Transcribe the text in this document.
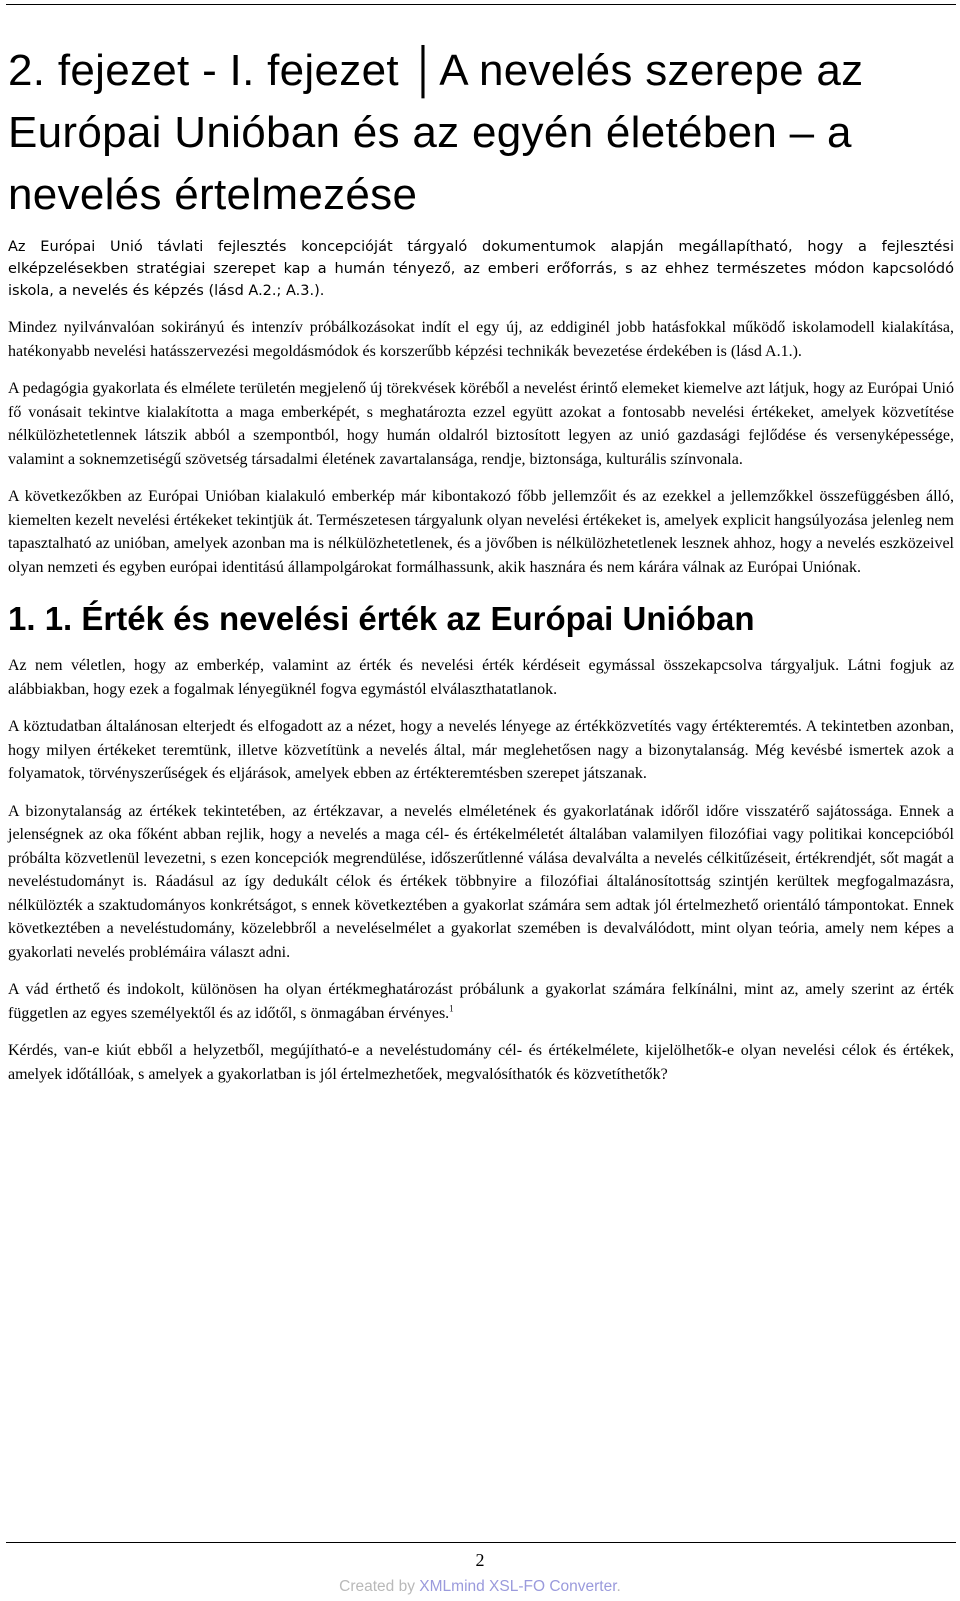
2. fejezet - I. fejezet │A nevelés szerepe az Európai Unióban és az egyén életében – a nevelés értelmezése

Az Európai Unió távlati fejlesztés koncepcióját tárgyaló dokumentumok alapján megállapítható, hogy a fejlesztési elképzelésekben stratégiai szerepet kap a humán tényező, az emberi erőforrás, s az ehhez természetes módon kapcsolódó iskola, a nevelés és képzés (lásd A.2.; A.3.).

Mindez nyilvánvalóan sokirányú és intenzív próbálkozásokat indít el egy új, az eddiginél jobb hatásfokkal működő iskolamodell kialakítása, hatékonyabb nevelési hatásszervezési megoldásmódok és korszerűbb képzési technikák bevezetése érdekében is (lásd A.1.).

A pedagógia gyakorlata és elmélete területén megjelenő új törekvések köréből a nevelést érintő elemeket kiemelve azt látjuk, hogy az Európai Unió fő vonásait tekintve kialakította a maga emberképét, s meghatározta ezzel együtt azokat a fontosabb nevelési értékeket, amelyek közvetítése nélkülözhetetlennek látszik abból a szempontból, hogy humán oldalról biztosított legyen az unió gazdasági fejlődése és versenyképessége, valamint a soknemzetiségű szövetség társadalmi életének zavartalansága, rendje, biztonsága, kulturális színvonala.

A következőkben az Európai Unióban kialakuló emberkép már kibontakozó főbb jellemzőit és az ezekkel a jellemzőkkel összefüggésben álló, kiemelten kezelt nevelési értékeket tekintjük át. Természetesen tárgyalunk olyan nevelési értékeket is, amelyek explicit hangsúlyozása jelenleg nem tapasztalható az unióban, amelyek azonban ma is nélkülözhetetlenek, és a jövőben is nélkülözhetetlenek lesznek ahhoz, hogy a nevelés eszközeivel olyan nemzeti és egyben európai identitású állampolgárokat formálhassunk, akik hasznára és nem kárára válnak az Európai Uniónak.

1. 1. Érték és nevelési érték az Európai Unióban

Az nem véletlen, hogy az emberkép, valamint az érték és nevelési érték kérdéseit egymással összekapcsolva tárgyaljuk. Látni fogjuk az alábbiakban, hogy ezek a fogalmak lényegüknél fogva egymástól elválaszthatatlanok.

A köztudatban általánosan elterjedt és elfogadott az a nézet, hogy a nevelés lényege az értékközvetítés vagy értékteremtés. A tekintetben azonban, hogy milyen értékeket teremtünk, illetve közvetítünk a nevelés által, már meglehetősen nagy a bizonytalanság. Még kevésbé ismertek azok a folyamatok, törvényszerűségek és eljárások, amelyek ebben az értékteremtésben szerepet játszanak.

A bizonytalanság az értékek tekintetében, az értékzavar, a nevelés elméletének és gyakorlatának időről időre visszatérő sajátossága. Ennek a jelenségnek az oka főként abban rejlik, hogy a nevelés a maga cél- és értékelméletét általában valamilyen filozófiai vagy politikai koncepcióból próbálta közvetlenül levezetni, s ezen koncepciók megrendülése, időszerűtlenné válása devalválta a nevelés célkitűzéseit, értékrendjét, sőt magát a neveléstudományt is. Ráadásul az így dedukált célok és értékek többnyire a filozófiai általánosítottság szintjén kerültek megfogalmazásra, nélkülözték a szaktudományos konkrétságot, s ennek következtében a gyakorlat számára sem adtak jól értelmezhető orientáló támpontokat. Ennek következtében a neveléstudomány, közelebbről a neveléselmélet a gyakorlat szemében is devalválódott, mint olyan teória, amely nem képes a gyakorlati nevelés problémáira választ adni.

A vád érthető és indokolt, különösen ha olyan értékmeghatározást próbálunk a gyakorlat számára felkínálni, mint az, amely szerint az érték független az egyes személyektől és az időtől, s önmagában érvényes.$^1$

Kérdés, van-e kiút ebből a helyzetből, megújítható-e a neveléstudomány cél- és értékelmélete, kijelölhetők-e olyan nevelési célok és értékek, amelyek időtállóak, s amelyek a gyakorlatban is jól értelmezhetőek, megvalósíthatók és közvetíthetők?

2
Created by XMLmind XSL-FO Converter.
